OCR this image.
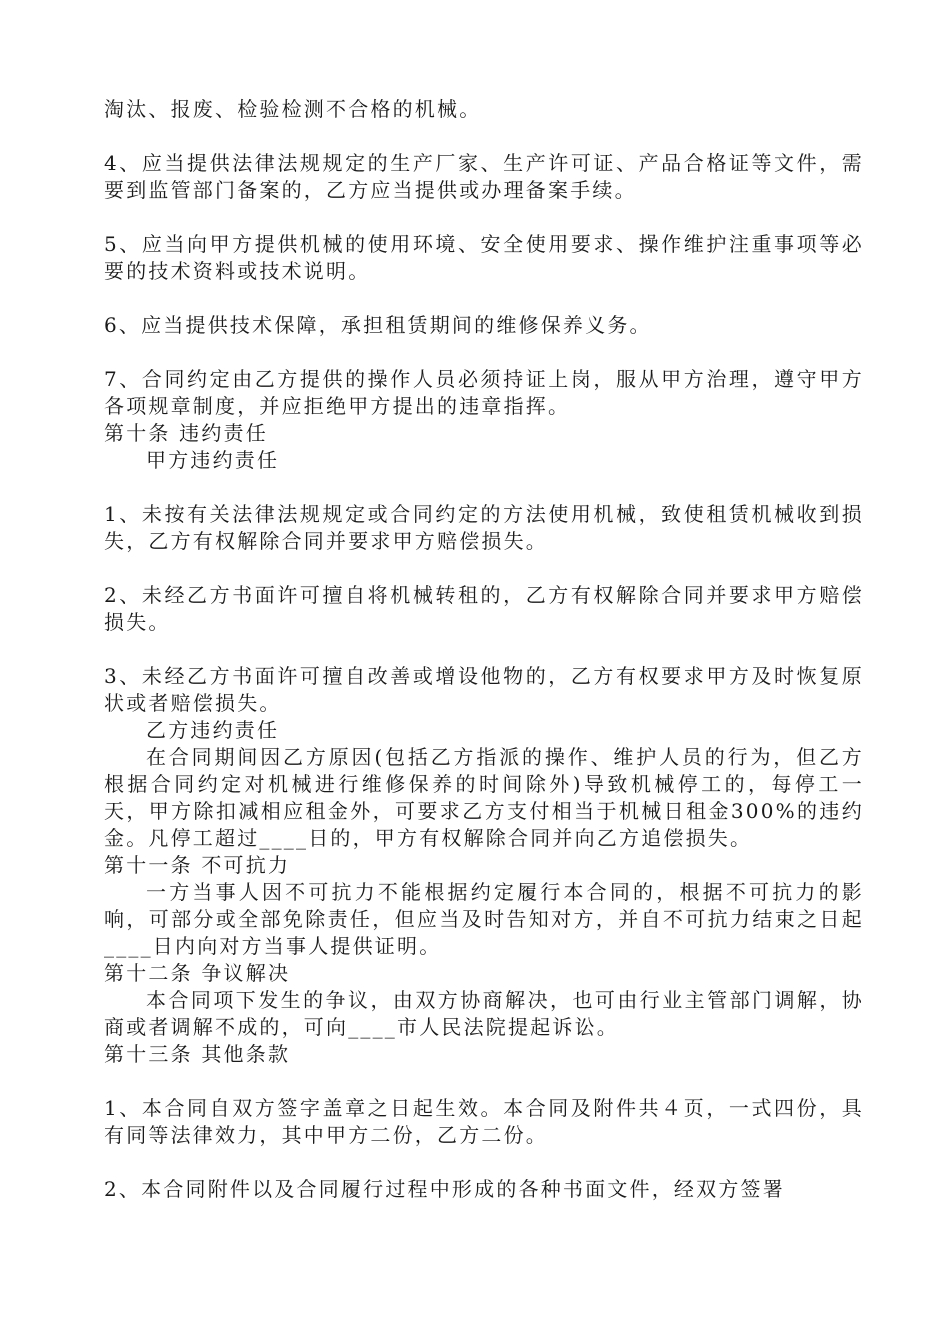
淘汰、报废、检验检测不合格的机械。

4、应当提供法律法规规定的生产厂家、生产许可证、产品合格证等文件，需要到监管部门备案的，乙方应当提供或办理备案手续。

5、应当向甲方提供机械的使用环境、安全使用要求、操作维护注重事项等必要的技术资料或技术说明。

6、应当提供技术保障，承担租赁期间的维修保养义务。

7、合同约定由乙方提供的操作人员必须持证上岗，服从甲方治理，遵守甲方各项规章制度，并应拒绝甲方提出的违章指挥。

第十条 违约责任

甲方违约责任

1、未按有关法律法规规定或合同约定的方法使用机械，致使租赁机械收到损失，乙方有权解除合同并要求甲方赔偿损失。

2、未经乙方书面许可擅自将机械转租的，乙方有权解除合同并要求甲方赔偿损失。

3、未经乙方书面许可擅自改善或增设他物的，乙方有权要求甲方及时恢复原状或者赔偿损失。

乙方违约责任

在合同期间因乙方原因(包括乙方指派的操作、维护人员的行为，但乙方根据合同约定对机械进行维修保养的时间除外)导致机械停工的，每停工一天，甲方除扣减相应租金外，可要求乙方支付相当于机械日租金300%的违约金。凡停工超过____日的，甲方有权解除合同并向乙方追偿损失。

第十一条 不可抗力

一方当事人因不可抗力不能根据约定履行本合同的，根据不可抗力的影响，可部分或全部免除责任，但应当及时告知对方，并自不可抗力结束之日起____日内向对方当事人提供证明。

第十二条 争议解决

本合同项下发生的争议，由双方协商解决，也可由行业主管部门调解，协商或者调解不成的，可向____市人民法院提起诉讼。

第十三条 其他条款

1、本合同自双方签字盖章之日起生效。本合同及附件共４页，一式四份，具有同等法律效力，其中甲方二份，乙方二份。

2、本合同附件以及合同履行过程中形成的各种书面文件，经双方签署
